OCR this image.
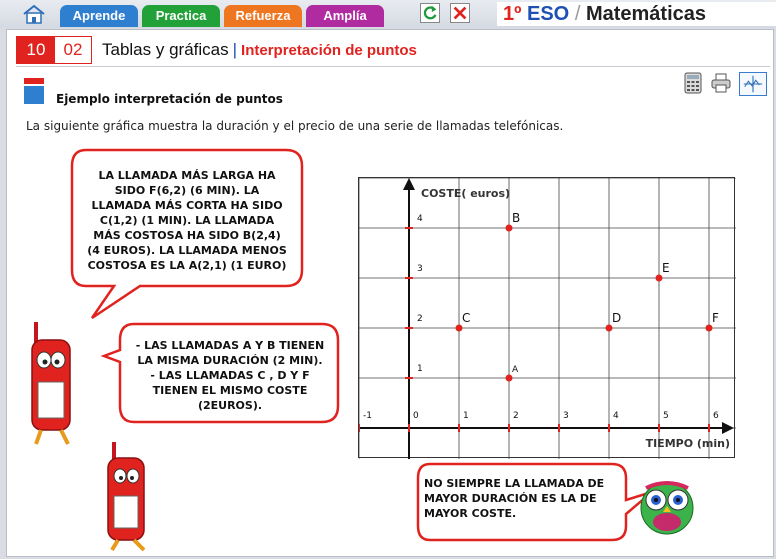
Aprende	Practica	Refuerza	Amplía	1º ESO / Matemáticas
10	02	Tablas y gráficas | Interpretación de puntos
Ejemplo interpretación de puntos
La siguiente gráfica muestra la duración y el precio de una serie de llamadas telefónicas.
LA LLAMADA MÁS LARGA HA
SIDO F(6,2) (6 MIN). LA
LLAMADA MÁS CORTA HA SIDO
C(1,2) (1 MIN). LA LLAMADA
MÁS COSTOSA HA SIDO B(2,4)
(4 EUROS). LA LLAMADA MENOS
COSTOSA ES LA A(2,1) (1 EURO)
- LAS LLAMADAS A Y B TIENEN
LA MISMA DURACIÓN (2 MIN).
- LAS LLAMADAS C , D Y F
TIENEN EL MISMO COSTE
(2EUROS).
NO SIEMPRE LA LLAMADA DE
MAYOR DURACIÓN ES LA DE
MAYOR COSTE.
-1	0	1	2	3	4	5	6
1
2
3
4
COSTE( euros)
TIEMPO (min)
A
B
C	D
E
F
